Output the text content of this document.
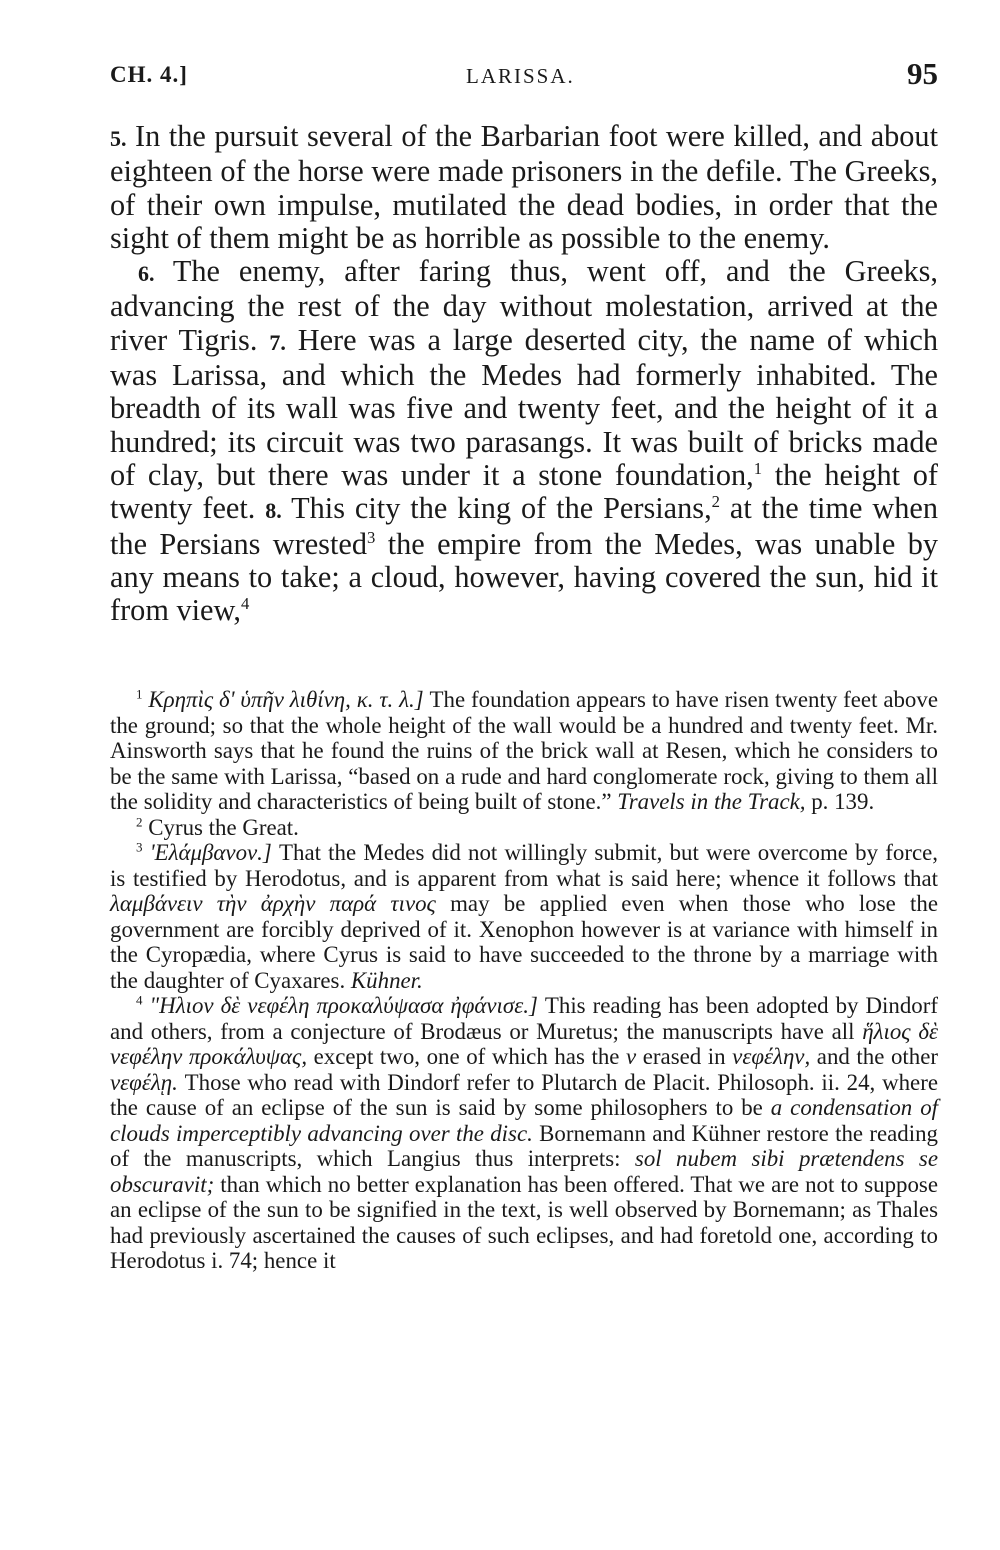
CH. 4.]	LARISSA.	95

5. In the pursuit several of the Barbarian foot were killed, and about eighteen of the horse were made prisoners in the defile. The Greeks, of their own impulse, mutilated the dead bodies, in order that the sight of them might be as horrible as possible to the enemy.

6. The enemy, after faring thus, went off, and the Greeks, advancing the rest of the day without molestation, arrived at the river Tigris. 7. Here was a large deserted city, the name of which was Larissa, and which the Medes had formerly inhabited. The breadth of its wall was five and twenty feet, and the height of it a hundred; its circuit was two parasangs. It was built of bricks made of clay, but there was under it a stone foundation,$^1$ the height of twenty feet. 8. This city the king of the Persians,$^2$ at the time when the Persians wrested$^3$ the empire from the Medes, was unable by any means to take; a cloud, however, having covered the sun, hid it from view,$^4$

$^1$ Κρηπὶς δ' ὑπῆν λιθίνη, κ. τ. λ.] The foundation appears to have risen twenty feet above the ground; so that the whole height of the wall would be a hundred and twenty feet. Mr. Ainsworth says that he found the ruins of the brick wall at Resen, which he considers to be the same with Larissa, “based on a rude and hard conglomerate rock, giving to them all the solidity and characteristics of being built of stone.” Travels in the Track, p. 139.

$^2$ Cyrus the Great.

$^3$ 'Ελάμβανον.] That the Medes did not willingly submit, but were overcome by force, is testified by Herodotus, and is apparent from what is said here; whence it follows that λαμβάνειν τὴν ἀρχὴν παρά τινος may be applied even when those who lose the government are forcibly deprived of it. Xenophon however is at variance with himself in the Cyropædia, where Cyrus is said to have succeeded to the throne by a marriage with the daughter of Cyaxares. Kühner.

$^4$ "Ηλιον δὲ νεφέλη προκαλύψασα ἠφάνισε.] This reading has been adopted by Dindorf and others, from a conjecture of Brodæus or Muretus; the manuscripts have all ἥλιος δὲ νεφέλην προκάλυψας, except two, one of which has the ν erased in νεφέλην, and the other νεφέλῃ. Those who read with Dindorf refer to Plutarch de Placit. Philosoph. ii. 24, where the cause of an eclipse of the sun is said by some philosophers to be a condensation of clouds imperceptibly advancing over the disc. Bornemann and Kühner restore the reading of the manuscripts, which Langius thus interprets: sol nubem sibi prætendens se obscuravit; than which no better explanation has been offered. That we are not to suppose an eclipse of the sun to be signified in the text, is well observed by Bornemann; as Thales had previously ascertained the causes of such eclipses, and had foretold one, according to Herodotus i. 74; hence it
